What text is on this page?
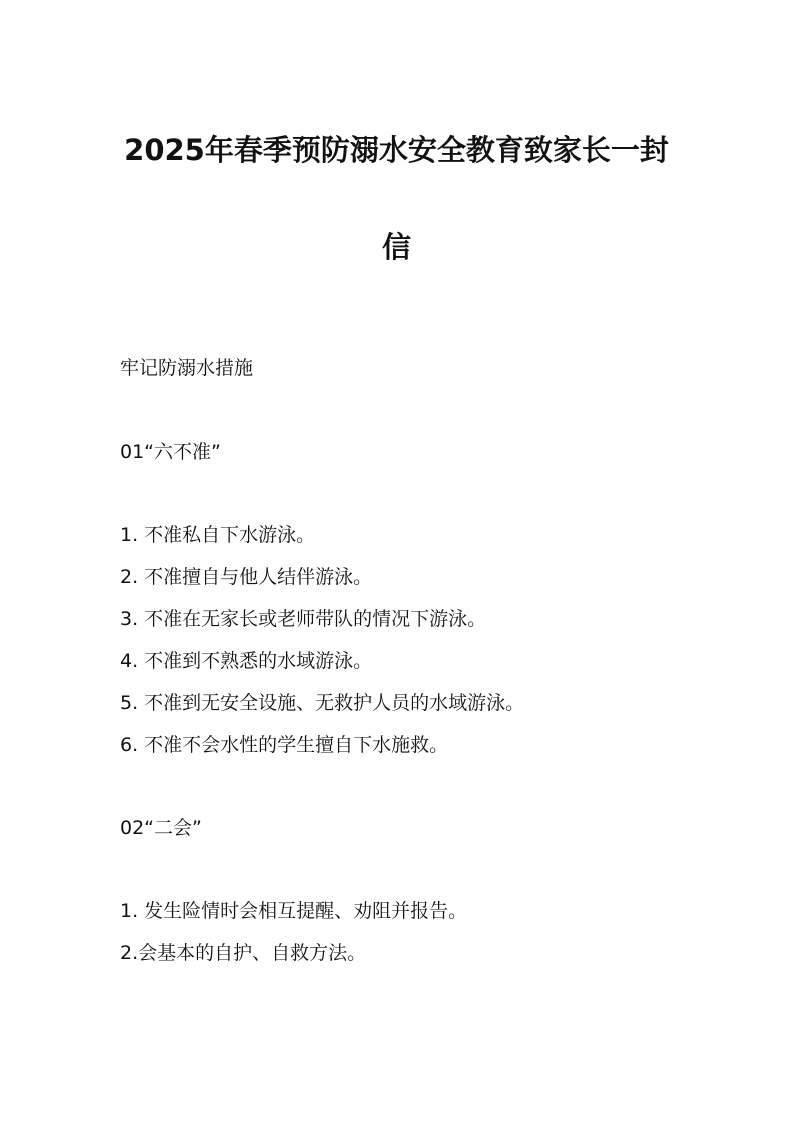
2025年春季预防溺水安全教育致家长一封
信
牢记防溺水措施
01“六不准”
1. 不准私自下水游泳。
2. 不准擅自与他人结伴游泳。
3. 不准在无家长或老师带队的情况下游泳。
4. 不准到不熟悉的水域游泳。
5. 不准到无安全设施、无救护人员的水域游泳。
6. 不准不会水性的学生擅自下水施救。
02“二会”
1. 发生险情时会相互提醒、劝阻并报告。
2.会基本的自护、自救方法。
